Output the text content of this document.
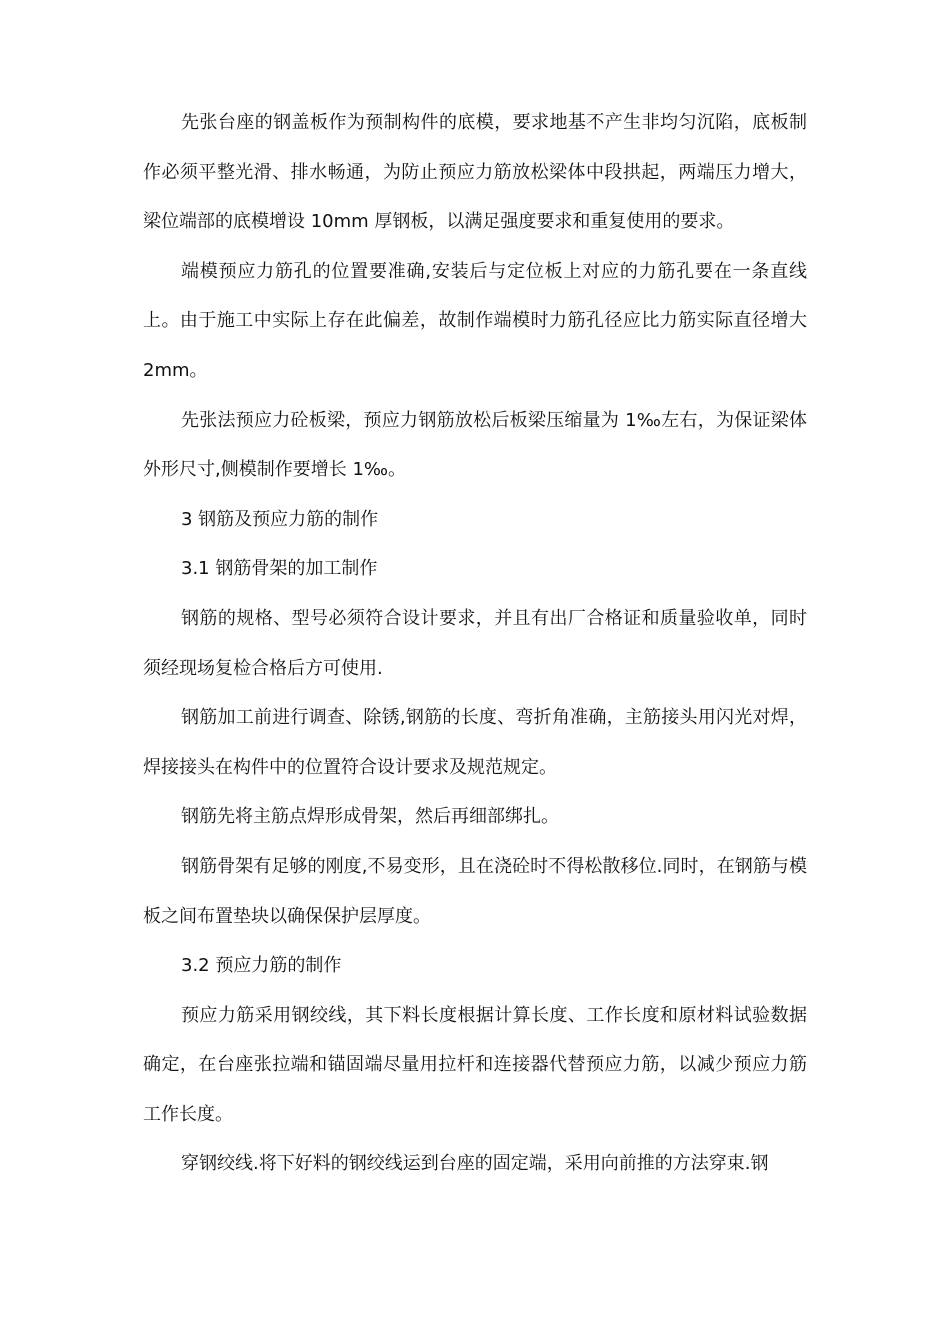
先张台座的钢盖板作为预制构件的底模，要求地基不产生非均匀沉陷，底板制作必须平整光滑、排水畅通，为防止预应力筋放松梁体中段拱起，两端压力增大，梁位端部的底模增设 10mm 厚钢板，以满足强度要求和重复使用的要求。

端模预应力筋孔的位置要准确,安装后与定位板上对应的力筋孔要在一条直线上。由于施工中实际上存在此偏差，故制作端模时力筋孔径应比力筋实际直径增大 2mm。

先张法预应力砼板梁，预应力钢筋放松后板梁压缩量为 1‰左右，为保证梁体外形尺寸,侧模制作要增长 1‰。

3 钢筋及预应力筋的制作

3.1 钢筋骨架的加工制作

钢筋的规格、型号必须符合设计要求，并且有出厂合格证和质量验收单，同时须经现场复检合格后方可使用.

钢筋加工前进行调查、除锈,钢筋的长度、弯折角准确，主筋接头用闪光对焊，焊接接头在构件中的位置符合设计要求及规范规定。

钢筋先将主筋点焊形成骨架，然后再细部绑扎。

钢筋骨架有足够的刚度,不易变形，且在浇砼时不得松散移位.同时，在钢筋与模板之间布置垫块以确保保护层厚度。

3.2 预应力筋的制作

预应力筋采用钢绞线，其下料长度根据计算长度、工作长度和原材料试验数据确定，在台座张拉端和锚固端尽量用拉杆和连接器代替预应力筋，以减少预应力筋工作长度。

穿钢绞线.将下好料的钢绞线运到台座的固定端，采用向前推的方法穿束.钢
